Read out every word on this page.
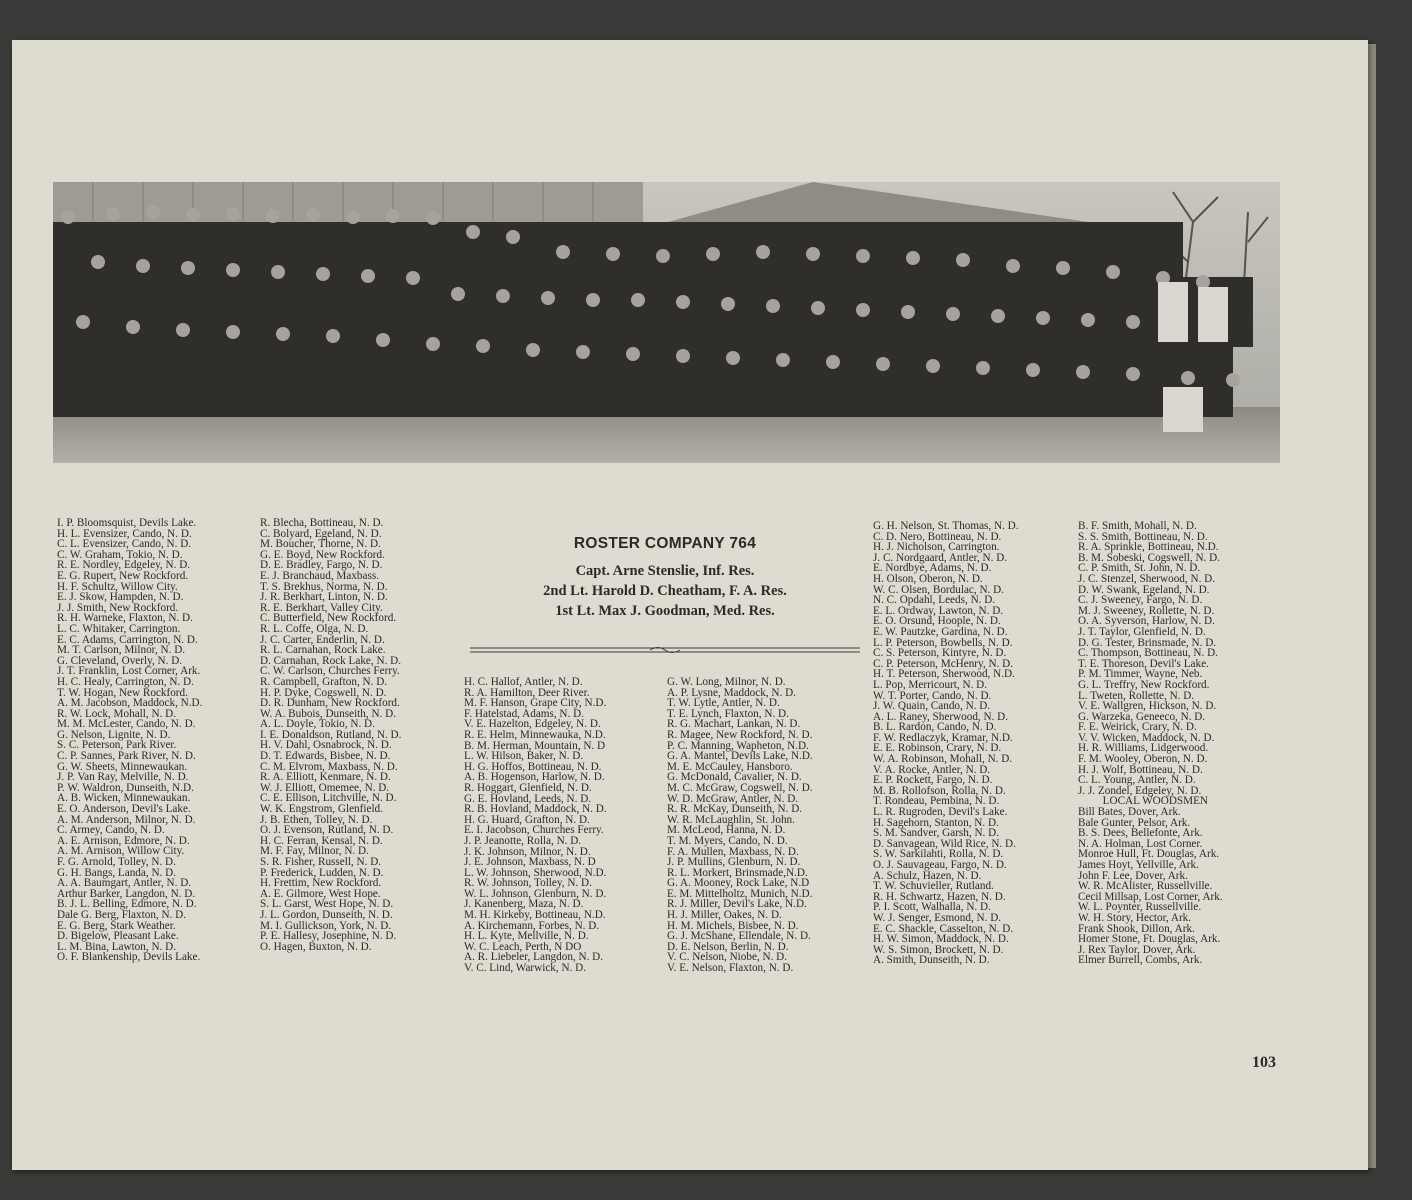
I. P. Bloomsquist, Devils Lake.
H. L. Evensizer, Cando, N. D.
C. L. Evensizer, Cando, N. D.
C. W. Graham, Tokio, N. D.
R. E. Nordley, Edgeley, N. D.
E. G. Rupert, New Rockford.
H. F. Schultz, Willow City.
E. J. Skow, Hampden, N. D.
J. J. Smith, New Rockford.
R. H. Warneke, Flaxton, N. D.
L. C. Whitaker, Carrington.
E. C. Adams, Carrington, N. D.
M. T. Carlson, Milnor, N. D.
G. Cleveland, Overly, N. D.
J. T. Franklin, Lost Corner, Ark.
H. C. Healy, Carrington, N. D.
T. W. Hogan, New Rockford.
A. M. Jacobson, Maddock, N.D.
R. W. Lock, Mohall, N. D.
M. M. McLester, Cando, N. D.
G. Nelson, Lignite, N. D.
S. C. Peterson, Park River.
C. P. Sannes, Park River, N. D.
G. W. Sheets, Minnewaukan.
J. P. Van Ray, Melville, N. D.
P. W. Waldron, Dunseith, N.D.
A. B. Wicken, Minnewaukan.
E. O. Anderson, Devil's Lake.
A. M. Anderson, Milnor, N. D.
C. Armey, Cando, N. D.
A. E. Arnison, Edmore, N. D.
A. M. Arnison, Willow City.
F. G. Arnold, Tolley, N. D.
G. H. Bangs, Landa, N. D.
A. A. Baumgart, Antler, N. D.
Arthur Barker, Langdon, N. D.
B. J. L. Belling, Edmore, N. D.
Dale G. Berg, Flaxton, N. D.
E. G. Berg, Stark Weather.
D. Bigelow, Pleasant Lake.
L. M. Bina, Lawton, N. D.
O. F. Blankenship, Devils Lake.
R. Blecha, Bottineau, N. D.
C. Bolyard, Egeland, N. D.
M. Boucher, Thorne, N. D.
G. E. Boyd, New Rockford.
D. E. Bradley, Fargo, N. D.
E. J. Branchaud, Maxbass.
T. S. Brekhus, Norma, N. D.
J. R. Berkhart, Linton, N. D.
R. E. Berkhart, Valley City.
C. Butterfield, New Rockford.
R. L. Coffe, Olga, N. D.
J. C. Carter, Enderlin, N. D.
R. L. Carnahan, Rock Lake.
D. Carnahan, Rock Lake, N. D.
C. W. Carlson, Churches Ferry.
R. Campbell, Grafton, N. D.
H. P. Dyke, Cogswell, N. D.
D. R. Dunham, New Rockford.
W. A. Bubois, Dunseith, N. D.
A. L. Doyle, Tokio, N. D.
I. E. Donaldson, Rutland, N. D.
H. V. Dahl, Osnabrock, N. D.
D. T. Edwards, Bisbee, N. D.
C. M. Elvrom, Maxbass, N. D.
R. A. Elliott, Kenmare, N. D.
W. J. Elliott, Omemee, N. D.
C. E. Ellison, Litchville, N. D.
W. K. Engstrom, Glenfield.
J. B. Ethen, Tolley, N. D.
O. J. Evenson, Rutland, N. D.
H. C. Ferran, Kensal, N. D.
M. F. Fay, Milnor, N. D.
S. R. Fisher, Russell, N. D.
P. Frederick, Ludden, N. D.
H. Frettim, New Rockford.
A. E. Gilmore, West Hope.
S. L. Garst, West Hope, N. D.
J. L. Gordon, Dunseith, N. D.
M. I. Gullickson, York, N. D.
P. E. Hallesy, Josephine, N. D.
O. Hagen, Buxton, N. D.
ROSTER COMPANY 764
Capt. Arne Stenslie, Inf. Res.
2nd Lt. Harold D. Cheatham, F. A. Res.
1st Lt. Max J. Goodman, Med. Res.
H. C. Hallof, Antler, N. D.
R. A. Hamilton, Deer River.
M. F. Hanson, Grape City, N.D.
F. Hatelstad, Adams, N. D.
V. E. Hazelton, Edgeley, N. D.
R. E. Helm, Minnewauka, N.D.
B. M. Herman, Mountain, N. D
L. W. Hilson, Baker, N. D.
H. G. Hoffos, Bottineau, N. D.
A. B. Hogenson, Harlow, N. D.
R. Hoggart, Glenfield, N. D.
G. E. Hovland, Leeds, N. D.
R. B. Hovland, Maddock, N. D.
H. G. Huard, Grafton, N. D.
E. I. Jacobson, Churches Ferry.
J. P. Jeanotte, Rolla, N. D.
J. K. Johnson, Milnor, N. D.
J. E. Johnson, Maxbass, N. D
L. W. Johnson, Sherwood, N.D.
R. W. Johnson, Tolley, N. D.
W. L. Johnson, Glenburn, N. D.
J. Kanenberg, Maza, N. D.
M. H. Kirkeby, Bottineau, N.D.
A. Kirchemann, Forbes, N. D.
H. L. Kyte, Mellville, N. D.
W. C. Leach, Perth, N DO
A. R. Liebeler, Langdon, N. D.
V. C. Lind, Warwick, N. D.
G. W. Long, Milnor, N. D.
A. P. Lysne, Maddock, N. D.
T. W. Lytle, Antler, N. D.
T. E. Lynch, Flaxton, N. D.
R. G. Machart, Lankan, N. D.
R. Magee, New Rockford, N. D.
P. C. Manning, Wapheton, N.D.
G. A. Mantel, Devils Lake, N.D.
M. E. McCauley, Hansboro.
G. McDonald, Cavalier, N. D.
M. C. McGraw, Cogswell, N. D.
W. D. McGraw, Antler, N. D.
R. R. McKay, Dunseith, N. D.
W. R. McLaughlin, St. John.
M. McLeod, Hanna, N. D.
T. M. Myers, Cando, N. D.
F. A. Mullen, Maxbass, N. D.
J. P. Mullins, Glenburn, N. D.
R. L. Morkert, Brinsmade,N.D.
G. A. Mooney, Rock Lake, N.D
E. M. Mittelholtz, Munich, N.D.
R. J. Miller, Devil's Lake, N.D.
H. J. Miller, Oakes, N. D.
H. M. Michels, Bisbee, N. D.
G. J. McShane, Ellendale, N. D.
D. E. Nelson, Berlin, N. D.
V. C. Nelson, Niobe, N. D.
V. E. Nelson, Flaxton, N. D.
G. H. Nelson, St. Thomas, N. D.
C. D. Nero, Bottineau, N. D.
H. J. Nicholson, Carrington.
J. C. Nordgaard, Antler, N. D.
E. Nordbye, Adams, N. D.
H. Olson, Oberon, N. D.
W. C. Olsen, Bordulac, N. D.
N. C. Opdahl, Leeds, N. D.
E. L. Ordway, Lawton, N. D.
E. O. Orsund, Hoople, N. D.
E. W. Pautzke, Gardina, N. D.
L. P. Peterson, Bowbells, N. D.
C. S. Peterson, Kintyre, N. D.
C. P. Peterson, McHenry, N. D.
H. T. Peterson, Sherwood, N.D.
L. Pop, Merricourt, N. D.
W. T. Porter, Cando, N. D.
J. W. Quain, Cando, N. D.
A. L. Raney, Sherwood, N. D.
B. L. Rardon, Cando, N. D.
F. W. Redlaczyk, Kramar, N.D.
E. E. Robinson, Crary, N. D.
W. A. Robinson, Mohall, N. D.
V. A. Rocke, Antler, N. D.
E. P. Rockett, Fargo, N. D.
M. B. Rollofson, Rolla, N. D.
T. Rondeau, Pembina, N. D.
L. R. Rugroden, Devil's Lake.
H. Sagehorn, Stanton, N. D.
S. M. Sandver, Garsh, N. D.
D. Sanvagean, Wild Rice, N. D.
S. W. Sarkilahti, Rolla, N. D.
O. J. Sauvageau, Fargo, N. D.
A. Schulz, Hazen, N. D.
T. W. Schuvieller, Rutland.
R. H. Schwartz, Hazen, N. D.
P. I. Scott, Walhalla, N. D.
W. J. Senger, Esmond, N. D.
E. C. Shackle, Casselton, N. D.
H. W. Simon, Maddock, N. D.
W. S. Simon, Brockett, N. D.
A. Smith, Dunseith, N. D.
B. F. Smith, Mohall, N. D.
S. S. Smith, Bottineau, N. D.
R. A. Sprinkle, Bottineau, N.D.
B. M. Sobeski, Cogswell, N. D.
C. P. Smith, St. John, N. D.
J. C. Stenzel, Sherwood, N. D.
D. W. Swank, Egeland, N. D.
C. J. Sweeney, Fargo, N. D.
M. J. Sweeney, Rollette, N. D.
O. A. Syverson, Harlow, N. D.
J. T. Taylor, Glenfield, N. D.
D. G. Tester, Brinsmade, N. D.
C. Thompson, Bottineau, N. D.
T. E. Thoreson, Devil's Lake.
P. M. Timmer, Wayne, Neb.
G. L. Treffry, New Rockford.
L. Tweten, Rollette, N. D.
V. E. Wallgren, Hickson, N. D.
G. Warzeka, Geneeco, N. D.
F. E. Weirick, Crary, N. D.
V. V. Wicken, Maddock, N. D.
H. R. Williams, Lidgerwood.
F. M. Wooley, Oberon, N. D.
H. J. Wolf, Bottineau, N. D.
C. L. Young, Antler, N. D.
J. J. Zondel, Edgeley, N. D.
LOCAL WOODSMEN
Bill Bates, Dover, Ark.
Bale Gunter, Pelsor, Ark.
B. S. Dees, Bellefonte, Ark.
N. A. Holman, Lost Corner.
Monroe Hull, Ft. Douglas, Ark.
James Hoyt, Yellville, Ark.
John F. Lee, Dover, Ark.
W. R. McAlister, Russellville.
Cecil Millsap, Lost Corner, Ark.
W. L. Poynter, Russellville.
W. H. Story, Hector, Ark.
Frank Shook, Dillon, Ark.
Homer Stone, Ft. Douglas, Ark.
J. Rex Taylor, Dover, Ark.
Elmer Burrell, Combs, Ark.
103
